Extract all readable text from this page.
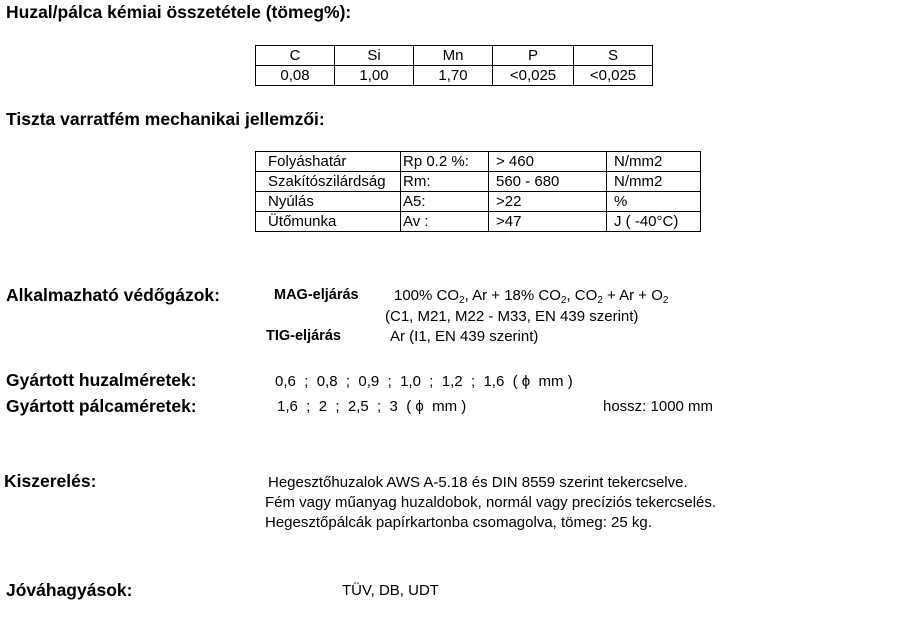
Huzal/pálca kémiai összetétele (tömeg%):
C	Si	Mn	P	S
0,08	1,00	1,70	<0,025	<0,025
Tiszta varratfém mechanikai jellemzői:
Folyáshatár	Rp 0.2 %:	> 460	N/mm2
Szakítószilárdság	Rm:	560 - 680	N/mm2
Nyúlás	A5:	>22	%
Ütőmunka	Av :	>47	J ( -40°C)
Alkalmazható védőgázok:	MAG-eljárás 100% $CO_2$, Ar + 18% $CO_2$, $CO_2 + Ar + O_2$
(C1, M21, M22 - M33, EN 439 szerint)
TIG-eljárás	Ar (I1, EN 439 szerint)
Gyártott huzalméretek:	0,6  ;  0,8  ;  0,9  ;  1,0  ;  1,2  ;  1,6  ( ϕ  mm )
Gyártott pálcaméretek:	1,6  ;  2  ;  2,5  ;  3  ( ϕ  mm )	hossz: 1000 mm
Kiszerelés:	Hegesztőhuzalok AWS A-5.18 és DIN 8559 szerint tekercselve.
Fém vagy műanyag huzaldobok, normál vagy precíziós tekercselés.
Hegesztőpálcák papírkartonba csomagolva, tömeg: 25 kg.
Jóváhagyások:	TÜV, DB, UDT
